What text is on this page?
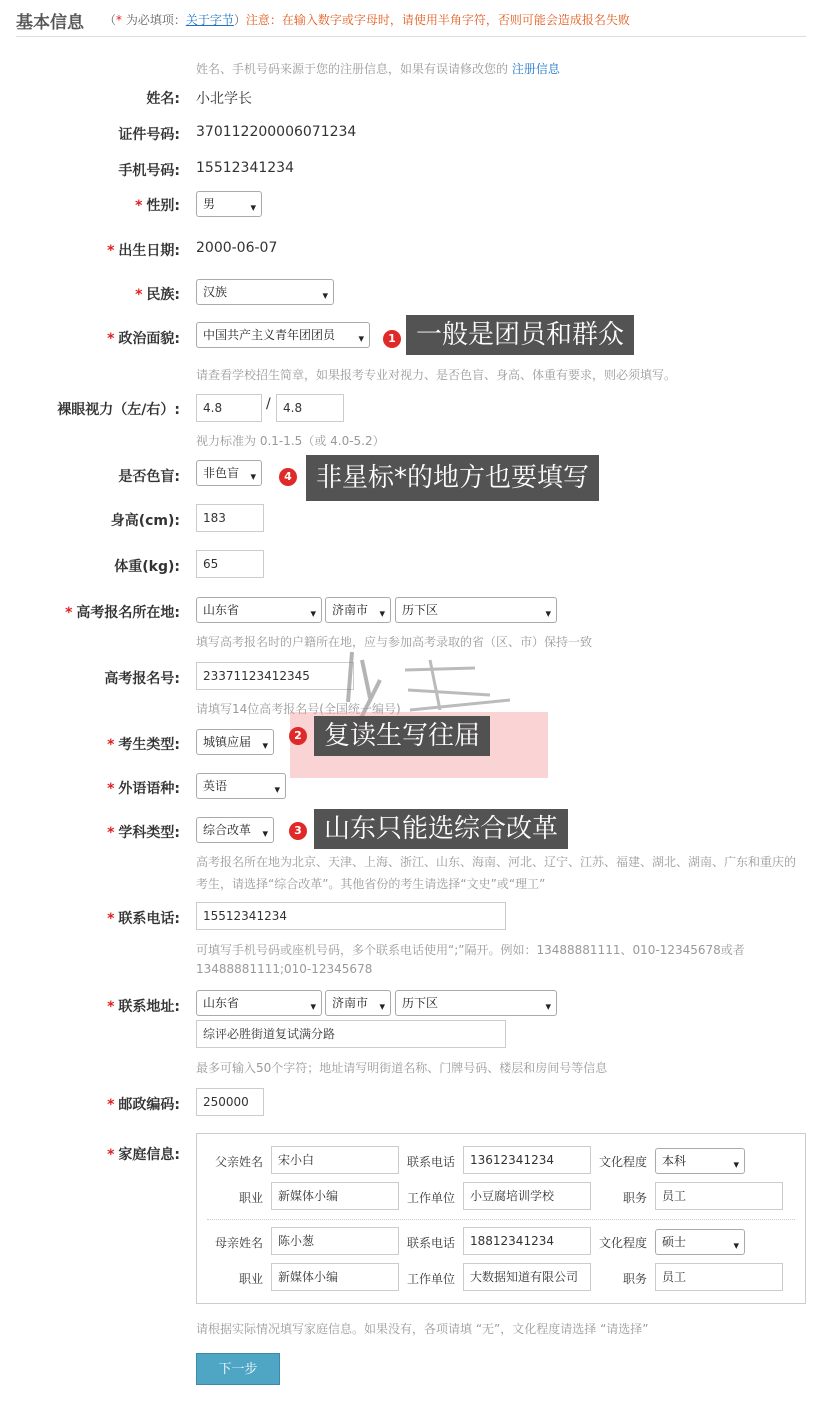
基本信息 （* 为必填项：关于字节）注意：在输入数字或字母时，请使用半角字符，否则可能会造成报名失败
姓名、手机号码来源于您的注册信息，如果有误请修改您的 注册信息
姓名: 小北学长
证件号码: 370112200006071234
手机号码: 15512341234
* 性别:	男	▾
* 出生日期: 2000-06-07
* 民族:	汉族	▾
* 政治面貌:	中国共产主义青年团团员 ▾	1 一般是团员和群众
请查看学校招生简章，如果报考专业对视力、是否色盲、身高、体重有要求，则必须填写。
裸眼视力（左/右）:	4.8	/	4.8
视力标准为 0.1-1.5（或 4.0-5.2）
是否色盲:	非色盲 ▾	4 非星标*的地方也要填写
身高(cm):	183
体重(kg):	65
* 高考报名所在地:	山东省	▾	济南市 ▾	历下区	▾
填写高考报名时的户籍所在地，应与参加高考录取的省（区、市）保持一致
高考报名号:	23371123412345
请填写14位高考报名号(全国统一编号)
* 考生类型:	城镇应届 ▾
2 复读生写往届
* 外语语种:	英语	▾
* 学科类型:	综合改革 ▾	3 山东只能选综合改革
高考报名所在地为北京、天津、上海、浙江、山东、海南、河北、辽宁、江苏、福建、湖北、湖南、广东和重庆的
考生，请选择“综合改革”。其他省份的考生请选择“文史”或“理工”
* 联系电话:	15512341234
可填写手机号码或座机号码，多个联系电话使用“;”隔开。例如：13488881111、010-12345678或者
13488881111;010-12345678
* 联系地址:	山东省	▾	济南市 ▾	历下区	▾
综评必胜街道复试满分路
最多可输入50个字符；地址请写明街道名称、门牌号码、楼层和房间号等信息
* 邮政编码:	250000
* 家庭信息:	父亲姓名	宋小白	联系电话	13612341234	文化程度	本科	▾
职业	新媒体小编	工作单位	小豆腐培训学校	职务	员工
母亲姓名	陈小葱	联系电话	18812341234	文化程度	硕士	▾
职业	新媒体小编	工作单位	大数据知道有限公司	职务	员工
请根据实际情况填写家庭信息。如果没有，各项请填 “无”，文化程度请选择 “请选择”
下一步
